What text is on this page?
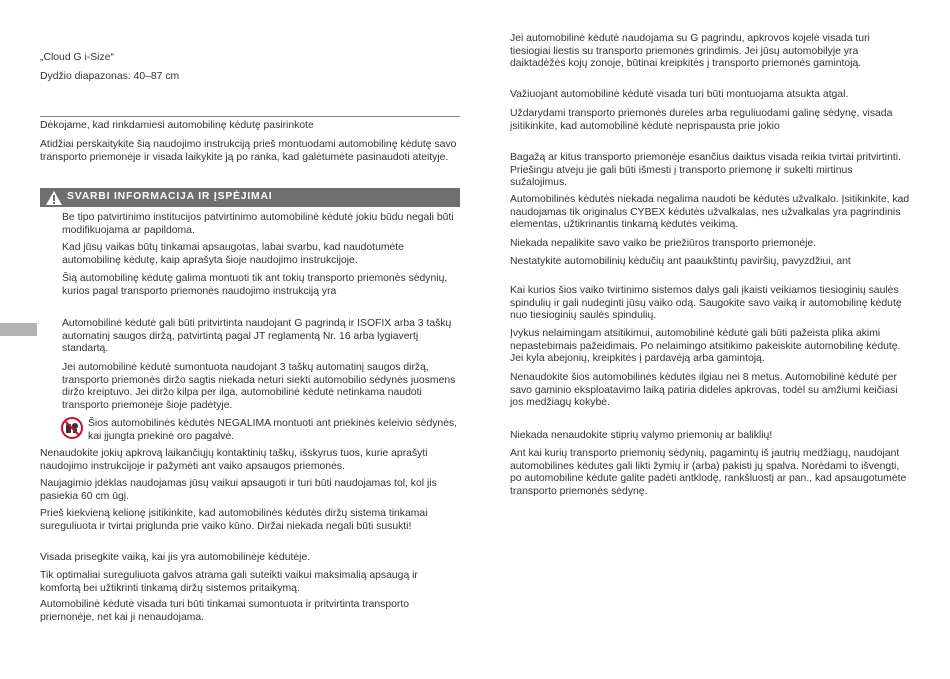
„Cloud G i-Size“

Dydžio diapazonas: 40–87 cm

Dėkojame, kad rinkdamiesi automobilinę kėdutę pasirinkote

Atidžiai perskaitykite šią naudojimo instrukciją prieš montuodami automobilinę kėdutę savo transporto priemonėje ir visada laikykite ją po ranka, kad galėtumėte pasinaudoti ateityje.

SVARBI INFORMACIJA IR ĮSPĖJIMAI

Be tipo patvirtinimo institucijos patvirtinimo automobilinė kėdutė jokiu būdu negali būti modifikuojama ar papildoma.

Kad jūsų vaikas būtų tinkamai apsaugotas, labai svarbu, kad naudotumėte automobilinę kėdutę, kaip aprašyta šioje naudojimo instrukcijoje.

Šią automobilinę kėdutę galima montuoti tik ant tokių transporto priemonės sėdynių, kurios pagal transporto priemonės naudojimo instrukciją yra

Automobilinė kėdutė gali būti pritvirtinta naudojant G pagrindą ir ISOFIX arba 3 taškų automatinį saugos diržą, patvirtintą pagal JT reglamentą Nr. 16 arba lygiavertį standartą.

Jei automobilinė kėdutė sumontuota naudojant 3 taškų automatinį saugos diržą, transporto priemonės diržo sagtis niekada neturi siekti automobilio sėdynės juosmens diržo kreiptuvo. Jei diržo kilpa per ilga, automobilinė kėdutė netinkama naudoti transporto priemonėje šioje padėtyje.

Šios automobilinės kėdutės NEGALIMA montuoti ant priekinės keleivio sėdynės, kai įjungta priekinė oro pagalvė.

Nenaudokite jokių apkrovą laikančiųjų kontaktinių taškų, išskyrus tuos, kurie aprašyti naudojimo instrukcijoje ir pažymėti ant vaiko apsaugos priemonės.

Naujagimio įdėklas naudojamas jūsų vaikui apsaugoti ir turi būti naudojamas tol, kol jis pasiekia 60 cm ūgį.

Prieš kiekvieną kelionę įsitikinkite, kad automobilinės kėdutės diržų sistema tinkamai sureguliuota ir tvirtai priglunda prie vaiko kūno. Diržai niekada negali būti susukti!

Visada prisegkite vaiką, kai jis yra automobilinėje kėdutėje.

Tik optimaliai sureguliuota galvos atrama gali suteikti vaikui maksimalią apsaugą ir komfortą bei užtikrinti tinkamą diržų sistemos pritaikymą.

Automobilinė kėdutė visada turi būti tinkamai sumontuota ir pritvirtinta transporto priemonėje, net kai ji nenaudojama.

Jei automobilinė kėdutė naudojama su G pagrindu, apkrovos kojelė visada turi tiesiogiai liestis su transporto priemonės grindimis. Jei jūsų automobilyje yra daiktadėžės kojų zonoje, būtinai kreipkitės į transporto priemonės gamintoją.

Važiuojant automobilinė kėdutė visada turi būti montuojama atsukta atgal.

Uždarydami transporto priemonės dureles arba reguliuodami galinę sėdynę, visada įsitikinkite, kad automobilinė kėdutė neprispausta prie jokio

Bagažą ar kitus transporto priemonėje esančius daiktus visada reikia tvirtai pritvirtinti. Priešingu atveju jie gali būti išmesti į transporto priemonę ir sukelti mirtinus sužalojimus.

Automobilinės kėdutės niekada negalima naudoti be kėdutės užvalkalo. Įsitikinkite, kad naudojamas tik originalus CYBEX kėdutės užvalkalas, nes užvalkalas yra pagrindinis elementas, užtikrinantis tinkamą kėdutės veikimą.

Niekada nepalikite savo vaiko be priežiūros transporto priemonėje.

Nestatykite automobilinių kėdučių ant paaukštintų paviršių, pavyzdžiui, ant

Kai kurios šios vaiko tvirtinimo sistemos dalys gali įkaisti veikiamos tiesioginių saulės spindulių ir gali nudeginti jūsų vaiko odą. Saugokite savo vaiką ir automobilinę kėdutę nuo tiesioginių saulės spindulių.

Įvykus nelaimingam atsitikimui, automobilinė kėdutė gali būti pažeista plika akimi nepastebimais pažeidimais. Po nelaimingo atsitikimo pakeiskite automobilinę kėdutę. Jei kyla abejonių, kreipkitės į pardavėją arba gamintoją.

Nenaudokite šios automobilinės kėdutės ilgiau nei 8 metus. Automobilinė kėdutė per savo gaminio eksploatavimo laiką patiria dideles apkrovas, todėl su amžiumi keičiasi jos medžiagų kokybė.

Niekada nenaudokite stiprių valymo priemonių ar baliklių!

Ant kai kurių transporto priemonių sėdynių, pagamintų iš jautrių medžiagų, naudojant automobilines kėdutes gali likti žymių ir (arba) pakisti jų spalva. Norėdami to išvengti, po automobiline kėdute galite padėti antklodę, rankšluostį ar pan., kad apsaugotumėte transporto priemonės sėdynę.
